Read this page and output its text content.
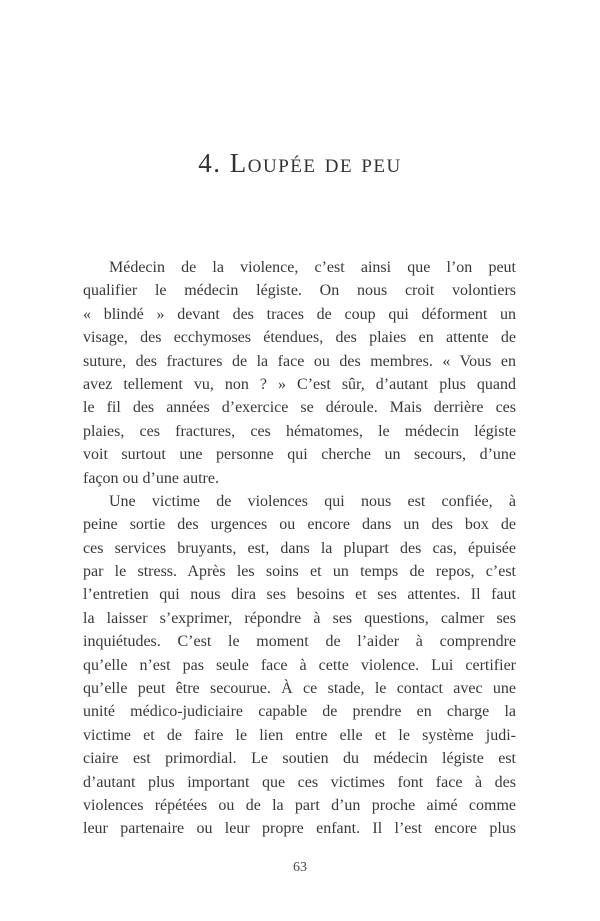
4. Loupée de peu
Médecin de la violence, c’est ainsi que l’on peut
qualifier le médecin légiste. On nous croit volontiers
« blindé » devant des traces de coup qui déforment un
visage, des ecchymoses étendues, des plaies en attente de
suture, des fractures de la face ou des membres. « Vous en
avez tellement vu, non ? » C’est sûr, d’autant plus quand
le fil des années d’exercice se déroule. Mais derrière ces
plaies, ces fractures, ces hématomes, le médecin légiste
voit surtout une personne qui cherche un secours, d’une
façon ou d’une autre.
Une victime de violences qui nous est confiée, à
peine sortie des urgences ou encore dans un des box de
ces services bruyants, est, dans la plupart des cas, épuisée
par le stress. Après les soins et un temps de repos, c’est
l’entretien qui nous dira ses besoins et ses attentes. Il faut
la laisser s’exprimer, répondre à ses questions, calmer ses
inquiétudes. C’est le moment de l’aider à comprendre
qu’elle n’est pas seule face à cette violence. Lui certifier
qu’elle peut être secourue. À ce stade, le contact avec une
unité médico-judiciaire capable de prendre en charge la
victime et de faire le lien entre elle et le système judi-
ciaire est primordial. Le soutien du médecin légiste est
d’autant plus important que ces victimes font face à des
violences répétées ou de la part d’un proche aimé comme
leur partenaire ou leur propre enfant. Il l’est encore plus
63
